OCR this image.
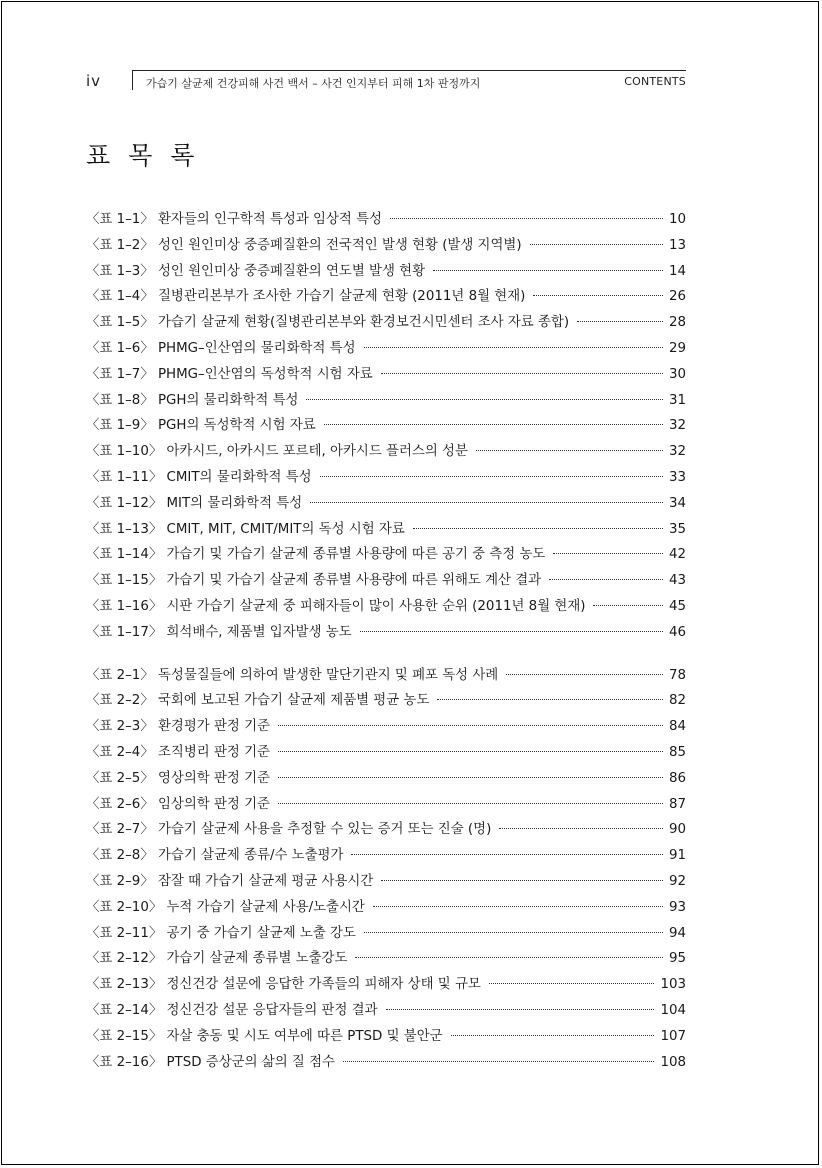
iv	가습기 살균제 건강피해 사건 백서 – 사건 인지부터 피해 1차 판정까지	CONTENTS
표 목 록
〈표 1–1〉 환자들의 인구학적 특성과 임상적 특성	10
〈표 1–2〉 성인 원인미상 중증폐질환의 전국적인 발생 현황 (발생 지역별)	13
〈표 1–3〉 성인 원인미상 중증폐질환의 연도별 발생 현황	14
〈표 1–4〉 질병관리본부가 조사한 가습기 살균제 현황 (2011년 8월 현재)	26
〈표 1–5〉 가습기 살균제 현황(질병관리본부와 환경보건시민센터 조사 자료 종합)	28
〈표 1–6〉 PHMG–인산염의 물리화학적 특성	29
〈표 1–7〉 PHMG–인산염의 독성학적 시험 자료	30
〈표 1–8〉 PGH의 물리화학적 특성	31
〈표 1–9〉 PGH의 독성학적 시험 자료	32
〈표 1–10〉 아카시드, 아카시드 포르테, 아카시드 플러스의 성분	32
〈표 1–11〉 CMIT의 물리화학적 특성	33
〈표 1–12〉 MIT의 물리화학적 특성	34
〈표 1–13〉 CMIT, MIT, CMIT/MIT의 독성 시험 자료	35
〈표 1–14〉 가습기 및 가습기 살균제 종류별 사용량에 따른 공기 중 측정 농도	42
〈표 1–15〉 가습기 및 가습기 살균제 종류별 사용량에 따른 위해도 계산 결과	43
〈표 1–16〉 시판 가습기 살균제 중 피해자들이 많이 사용한 순위 (2011년 8월 현재)	45
〈표 1–17〉 희석배수, 제품별 입자발생 농도	46
〈표 2–1〉 독성물질들에 의하여 발생한 말단기관지 및 폐포 독성 사례	78
〈표 2–2〉 국회에 보고된 가습기 살균제 제품별 평균 농도	82
〈표 2–3〉 환경평가 판정 기준	84
〈표 2–4〉 조직병리 판정 기준	85
〈표 2–5〉 영상의학 판정 기준	86
〈표 2–6〉 임상의학 판정 기준	87
〈표 2–7〉 가습기 살균제 사용을 추정할 수 있는 증거 또는 진술 (명)	90
〈표 2–8〉 가습기 살균제 종류/수 노출평가	91
〈표 2–9〉 잠잘 때 가습기 살균제 평균 사용시간	92
〈표 2–10〉 누적 가습기 살균제 사용/노출시간	93
〈표 2–11〉 공기 중 가습기 살균제 노출 강도	94
〈표 2–12〉 가습기 살균제 종류별 노출강도	95
〈표 2–13〉 정신건강 설문에 응답한 가족들의 피해자 상태 및 규모	103
〈표 2–14〉 정신건강 설문 응답자들의 판정 결과	104
〈표 2–15〉 자살 충동 및 시도 여부에 따른 PTSD 및 불안군	107
〈표 2–16〉 PTSD 증상군의 삶의 질 점수	108
